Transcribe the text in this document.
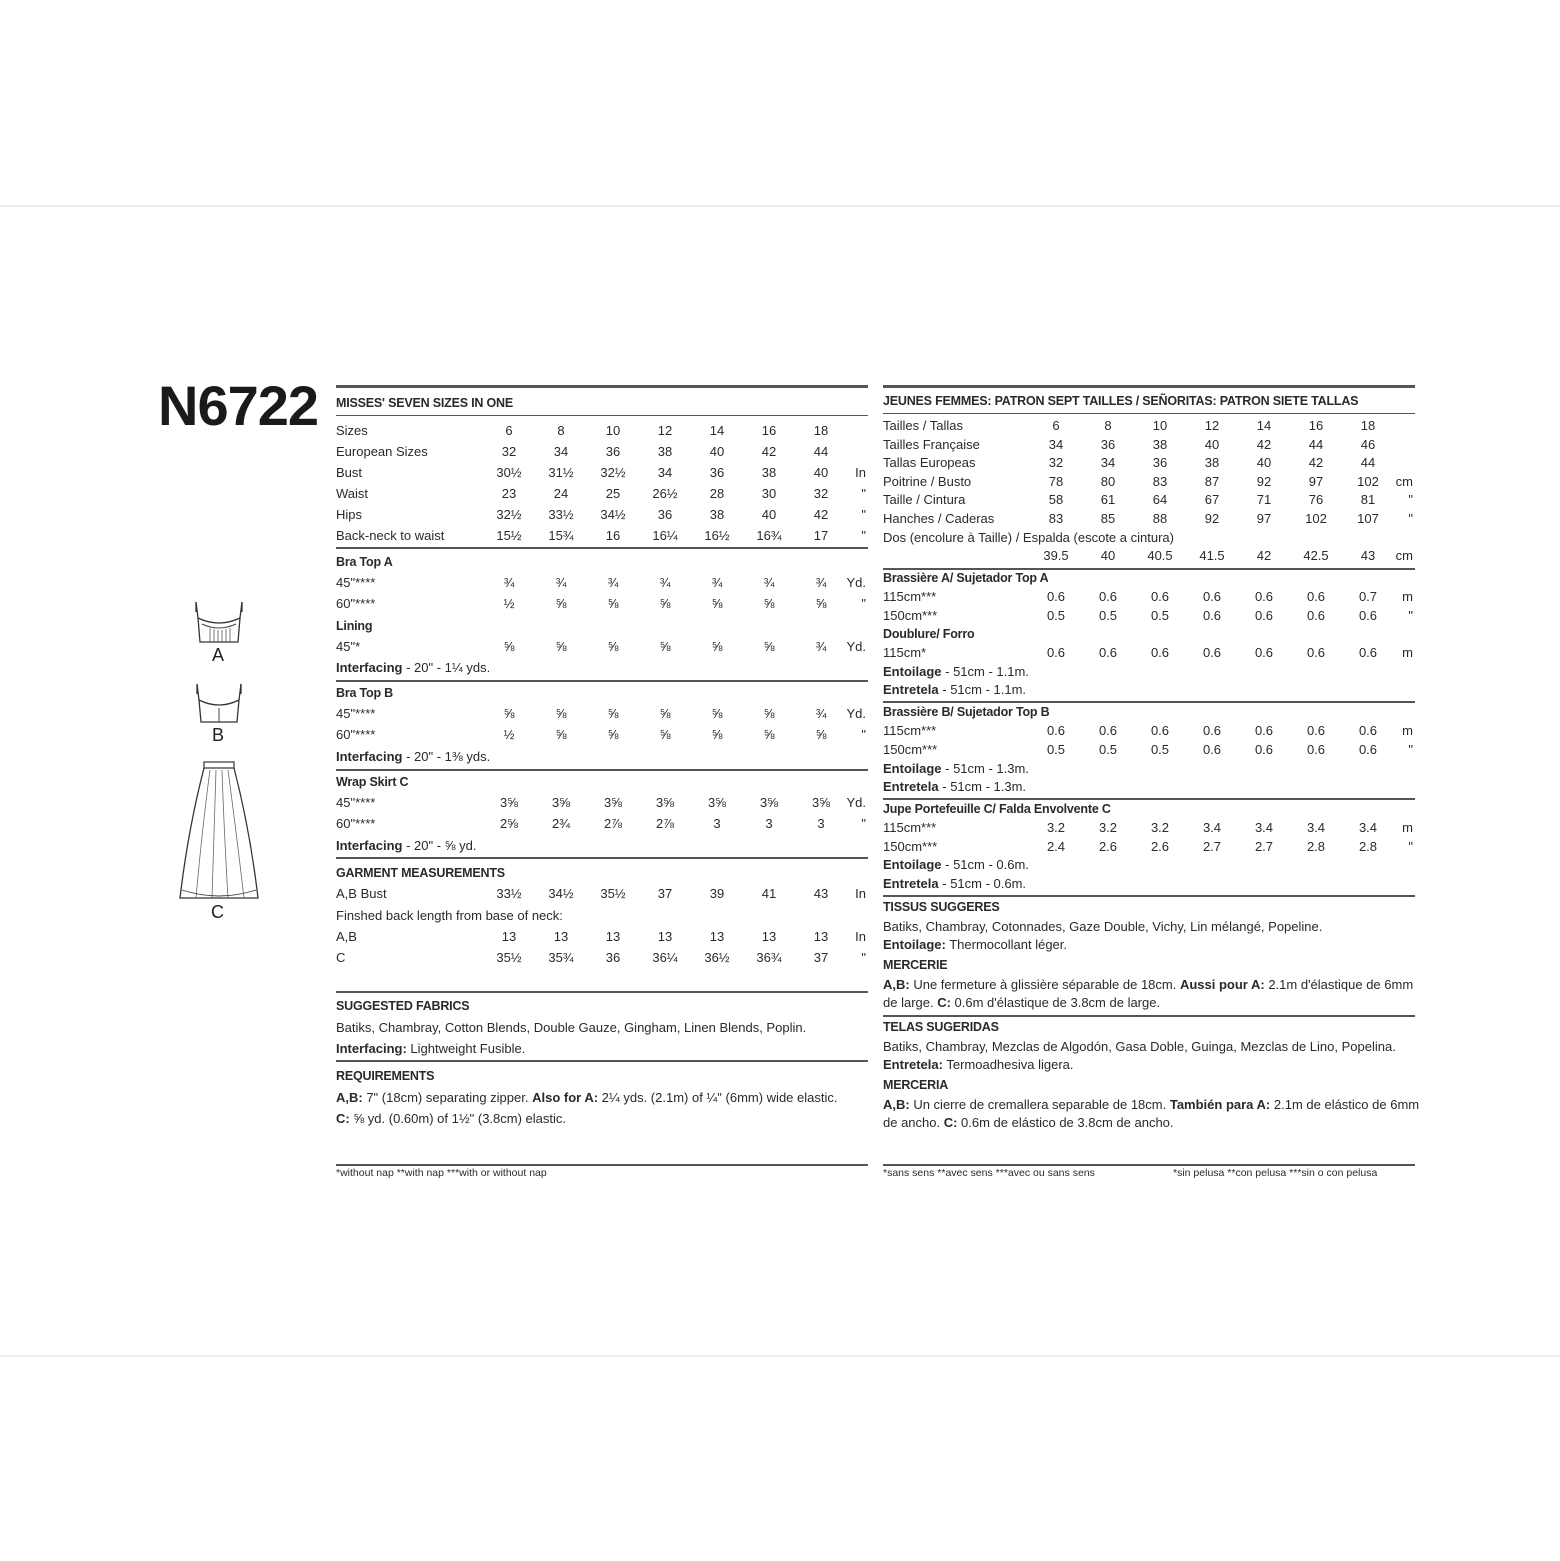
N6722
A
B
C
MISSES' SEVEN SIZES IN ONE
Sizes	6	8	10	12	14	16	18
European Sizes	32	34	36	38	40	42	44
Bust	30½	31½	32½	34	36	38	40	In
Waist	23	24	25	26½	28	30	32	"
Hips	32½	33½	34½	36	38	40	42	"
Back-neck to waist	15½	15¾	16	16¼	16½	16¾	17	"
Bra Top A
45"****	¾	¾	¾	¾	¾	¾	¾	Yd.
60"****	½	⅝	⅝	⅝	⅝	⅝	⅝	"
Lining
45"*	⅝	⅝	⅝	⅝	⅝	⅝	¾	Yd.
Interfacing - 20" - 1¼ yds.
Bra Top B
45"****	⅝	⅝	⅝	⅝	⅝	⅝	¾	Yd.
60"****	½	⅝	⅝	⅝	⅝	⅝	⅝	"
Interfacing - 20" - 1⅜ yds.
Wrap Skirt C
45"****	3⅝	3⅝	3⅝	3⅝	3⅝	3⅝	3⅝	Yd.
60"****	2⅝	2¾	2⅞	2⅞	3	3	3	"
Interfacing - 20" - ⅝ yd.
GARMENT MEASUREMENTS
A,B Bust	33½	34½	35½	37	39	41	43	In
A,B	13	13	13	13	13	13	13	In
C	35½	35¾	36	36¼	36½	36¾	37	"
Finshed back length from base of neck:
SUGGESTED FABRICS
Batiks, Chambray, Cotton Blends, Double Gauze, Gingham, Linen Blends, Poplin.
Interfacing: Lightweight Fusible.
REQUIREMENTS
A,B: 7" (18cm) separating zipper. Also for A: 2¼ yds. (2.1m) of ¼" (6mm) wide elastic.
C: ⅝ yd. (0.60m) of 1½" (3.8cm) elastic.
*without nap **with nap ***with or without nap
JEUNES FEMMES: PATRON SEPT TAILLES / SEÑORITAS: PATRON SIETE TALLAS
Tailles / Tallas	6	8	10	12	14	16	18
Tailles Française	34	36	38	40	42	44	46
Tallas Europeas	32	34	36	38	40	42	44
Poitrine / Busto	78	80	83	87	92	97	102	cm
Taille / Cintura	58	61	64	67	71	76	81	"
Hanches / Caderas	83	85	88	92	97	102	107	"
Dos (encolure à Taille) / Espalda (escote a cintura)
39.5	40	40.5	41.5	42	42.5	43	cm
Brassière A/ Sujetador Top A
115cm***	0.6	0.6	0.6	0.6	0.6	0.6	0.7	m
150cm***	0.5	0.5	0.5	0.6	0.6	0.6	0.6	"
Doublure/ Forro
115cm*	0.6	0.6	0.6	0.6	0.6	0.6	0.6	m
Entoilage - 51cm - 1.1m.
Entretela - 51cm - 1.1m.
Brassière B/ Sujetador Top B
115cm***	0.6	0.6	0.6	0.6	0.6	0.6	0.6	m
150cm***	0.5	0.5	0.5	0.6	0.6	0.6	0.6	"
Entoilage - 51cm - 1.3m.
Entretela - 51cm - 1.3m.
Jupe Portefeuille C/ Falda Envolvente C
115cm***	3.2	3.2	3.2	3.4	3.4	3.4	3.4	m
150cm***	2.4	2.6	2.6	2.7	2.7	2.8	2.8	"
Entoilage - 51cm - 0.6m.
Entretela - 51cm - 0.6m.
TISSUS SUGGERES
Batiks, Chambray, Cotonnades, Gaze Double, Vichy, Lin mélangé, Popeline.
Entoilage: Thermocollant léger.
MERCERIE
A,B: Une fermeture à glissière séparable de 18cm. Aussi pour A: 2.1m d'élastique de 6mm
de large. C: 0.6m d'élastique de 3.8cm de large.
TELAS SUGERIDAS
Batiks, Chambray, Mezclas de Algodón, Gasa Doble, Guinga, Mezclas de Lino, Popelina.
Entretela: Termoadhesiva ligera.
MERCERIA
A,B: Un cierre de cremallera separable de 18cm. También para A: 2.1m de elástico de 6mm
de ancho. C: 0.6m de elástico de 3.8cm de ancho.
*sans sens **avec sens ***avec ou sans sens	*sin pelusa **con pelusa ***sin o con pelusa
